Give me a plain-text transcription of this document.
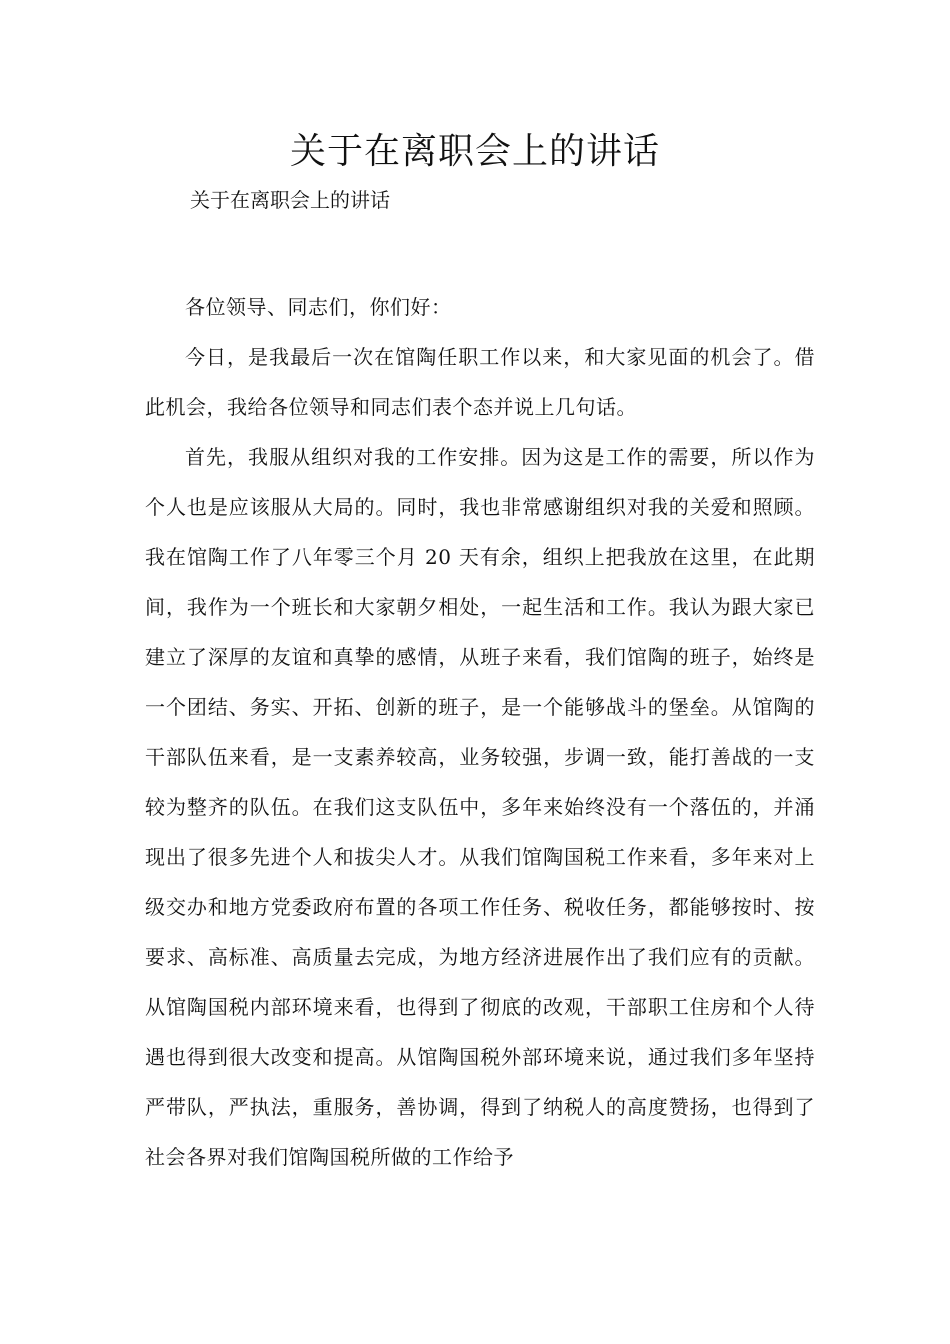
关于在离职会上的讲话
关于在离职会上的讲话

各位领导、同志们，你们好：

今日，是我最后一次在馆陶任职工作以来，和大家见面的机会了。借此机会，我给各位领导和同志们表个态并说上几句话。

首先，我服从组织对我的工作安排。因为这是工作的需要，所以作为个人也是应该服从大局的。同时，我也非常感谢组织对我的关爱和照顾。我在馆陶工作了八年零三个月 20 天有余，组织上把我放在这里，在此期间，我作为一个班长和大家朝夕相处，一起生活和工作。我认为跟大家已建立了深厚的友谊和真挚的感情，从班子来看，我们馆陶的班子，始终是一个团结、务实、开拓、创新的班子，是一个能够战斗的堡垒。从馆陶的干部队伍来看，是一支素养较高，业务较强，步调一致，能打善战的一支较为整齐的队伍。在我们这支队伍中，多年来始终没有一个落伍的，并涌现出了很多先进个人和拔尖人才。从我们馆陶国税工作来看，多年来对上级交办和地方党委政府布置的各项工作任务、税收任务，都能够按时、按要求、高标准、高质量去完成，为地方经济进展作出了我们应有的贡献。从馆陶国税内部环境来看，也得到了彻底的改观，干部职工住房和个人待遇也得到很大改变和提高。从馆陶国税外部环境来说，通过我们多年坚持严带队，严执法，重服务，善协调，得到了纳税人的高度赞扬，也得到了社会各界对我们馆陶国税所做的工作给予
